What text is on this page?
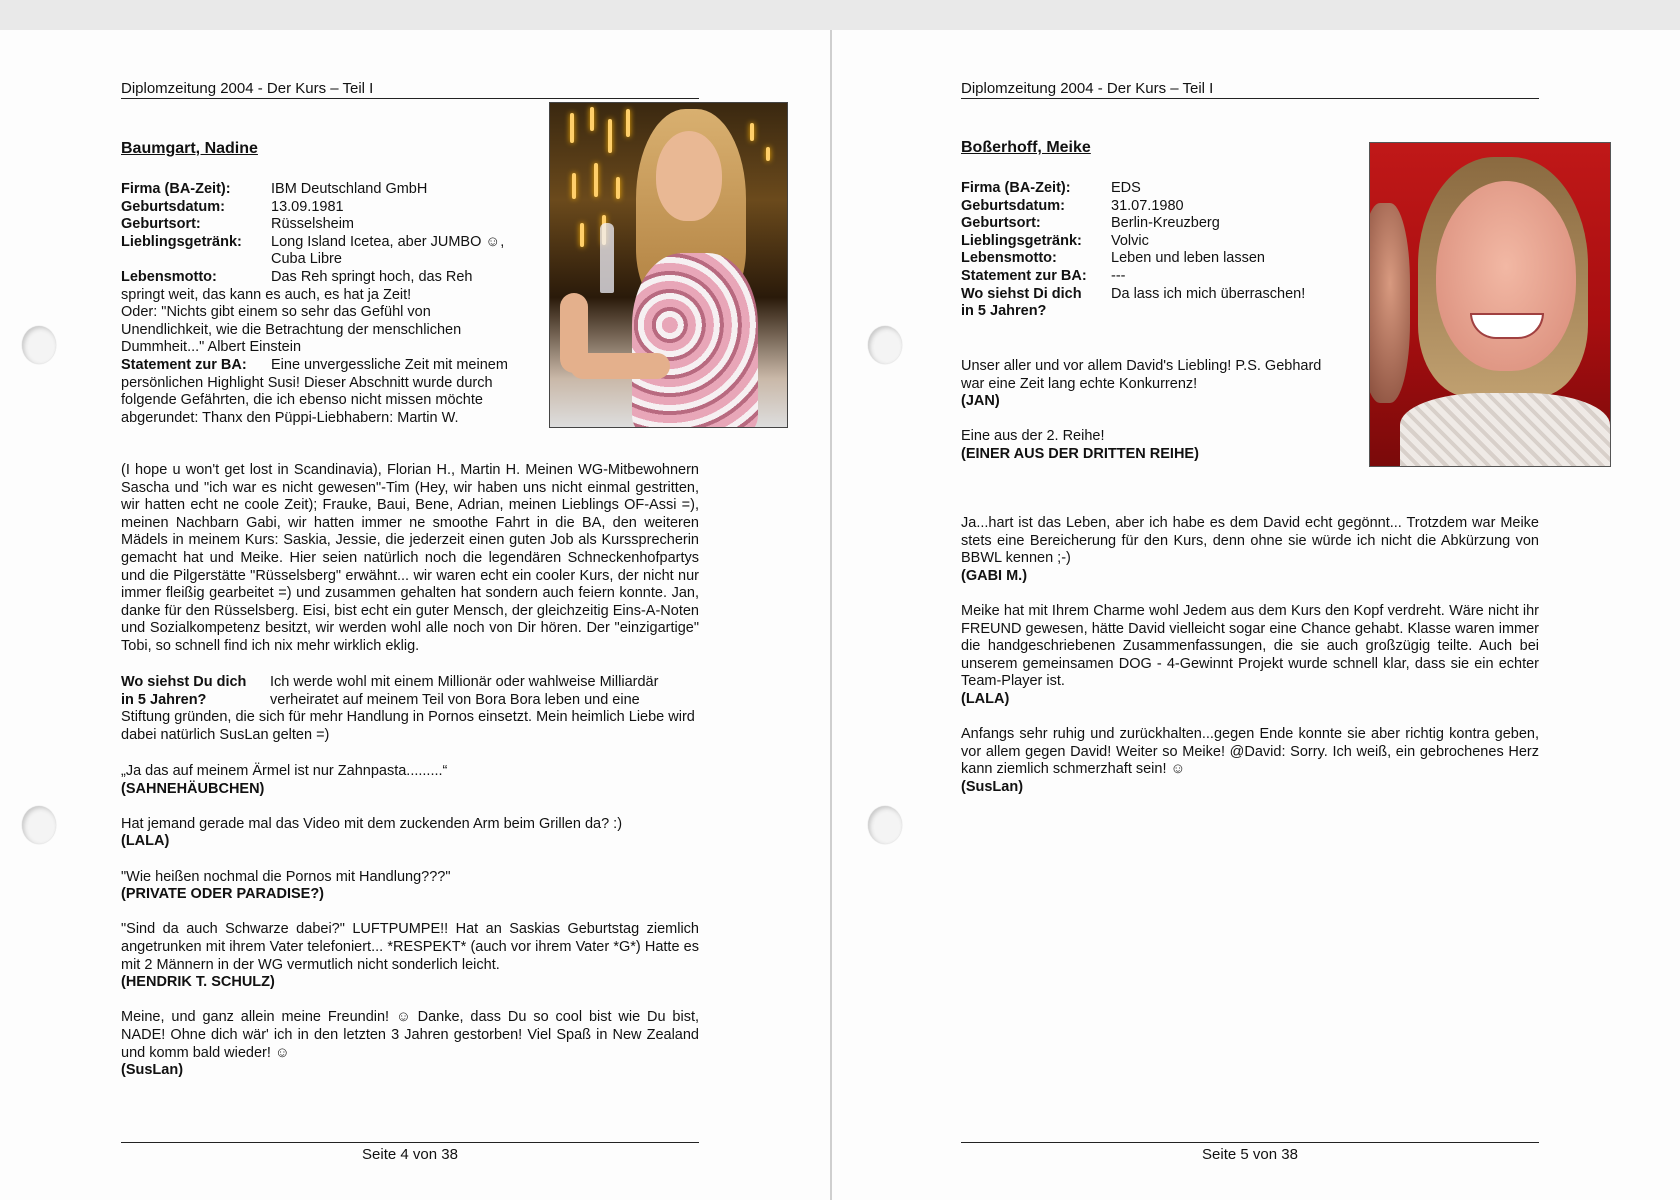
Diplomzeitung 2004 - Der Kurs – Teil I
Baumgart, Nadine
Firma (BA-Zeit):	IBM Deutschland GmbH
Geburtsdatum:	13.09.1981
Geburtsort:	Rüsselsheim
Lieblingsgetränk:	Long Island Icetea, aber JUMBO ☺,
Cuba Libre
Lebensmotto:	Das Reh springt hoch, das Reh
springt weit, das kann es auch, es hat ja Zeit!
Oder: "Nichts gibt einem so sehr das Gefühl von
Unendlichkeit, wie die Betrachtung der menschlichen
Dummheit..." Albert Einstein
Statement zur BA:	Eine unvergessliche Zeit mit meinem
persönlichen Highlight Susi! Dieser Abschnitt wurde durch
folgende Gefährten, die ich ebenso nicht missen möchte
abgerundet: Thanx den Püppi-Liebhabern: Martin W.

(I hope u won't get lost in Scandinavia), Florian H., Martin H. Meinen WG-Mitbewohnern Sascha und "ich war es nicht gewesen"-Tim (Hey, wir haben uns nicht einmal gestritten, wir hatten echt ne coole Zeit); Frauke, Baui, Bene, Adrian, meinen Lieblings OF-Assi =), meinen Nachbarn Gabi, wir hatten immer ne smoothe Fahrt in die BA, den weiteren Mädels in meinem Kurs: Saskia, Jessie, die jederzeit einen guten Job als Kurssprecherin gemacht hat und Meike. Hier seien natürlich noch die legendären Schneckenhofpartys und die Pilgerstätte "Rüsselsberg" erwähnt... wir waren echt ein cooler Kurs, der nicht nur immer fleißig gearbeitet =) und zusammen gehalten hat sondern auch feiern konnte. Jan, danke für den Rüsselsberg. Eisi, bist echt ein guter Mensch, der gleichzeitig Eins-A-Noten und Sozialkompetenz besitzt, wir werden wohl alle noch von Dir hören. Der "einzigartige" Tobi, so schnell find ich nix mehr wirklich eklig.

Wo siehst Du dich	Ich werde wohl mit einem Millionär oder wahlweise Milliardär
in 5 Jahren?	verheiratet auf meinem Teil von Bora Bora leben und eine

Stiftung gründen, die sich für mehr Handlung in Pornos einsetzt. Mein heimlich Liebe wird dabei natürlich SusLan gelten =)

„Ja das auf meinem Ärmel ist nur Zahnpasta.........“

(SAHNEHÄUBCHEN)

Hat jemand gerade mal das Video mit dem zuckenden Arm beim Grillen da? :)

(LALA)

"Wie heißen nochmal die Pornos mit Handlung???"

(PRIVATE ODER PARADISE?)

"Sind da auch Schwarze dabei?" LUFTPUMPE!! Hat an Saskias Geburtstag ziemlich angetrunken mit ihrem Vater telefoniert... *RESPEKT* (auch vor ihrem Vater *G*) Hatte es mit 2 Männern in der WG vermutlich nicht sonderlich leicht.

(HENDRIK T. SCHULZ)

Meine, und ganz allein meine Freundin! ☺ Danke, dass Du so cool bist wie Du bist, NADE! Ohne dich wär' ich in den letzten 3 Jahren gestorben! Viel Spaß in New Zealand und komm bald wieder! ☺

(SusLan)

Seite 4 von 38
Diplomzeitung 2004 - Der Kurs – Teil I
Boßerhoff, Meike
Firma (BA-Zeit):	EDS
Geburtsdatum:	31.07.1980
Geburtsort:	Berlin-Kreuzberg
Lieblingsgetränk:	Volvic
Lebensmotto:	Leben und leben lassen
Statement zur BA:	---
Wo siehst Di dich	Da lass ich mich überraschen!
in 5 Jahren?

Unser aller und vor allem David's Liebling! P.S. Gebhard war eine Zeit lang echte Konkurrenz!

(JAN)

Eine aus der 2. Reihe!

(EINER AUS DER DRITTEN REIHE)

Ja...hart ist das Leben, aber ich habe es dem David echt gegönnt... Trotzdem war Meike stets eine Bereicherung für den Kurs, denn ohne sie würde ich nicht die Abkürzung von BBWL kennen ;-)

(GABI M.)

Meike hat mit Ihrem Charme wohl Jedem aus dem Kurs den Kopf verdreht. Wäre nicht ihr FREUND gewesen, hätte David vielleicht sogar eine Chance gehabt. Klasse waren immer die handgeschriebenen Zusammenfassungen, die sie auch großzügig teilte. Auch bei unserem gemeinsamen DOG - 4-Gewinnt Projekt wurde schnell klar, dass sie ein echter Team-Player ist.

(LALA)

Anfangs sehr ruhig und zurückhalten...gegen Ende konnte sie aber richtig kontra geben, vor allem gegen David! Weiter so Meike! @David: Sorry. Ich weiß, ein gebrochenes Herz kann ziemlich schmerzhaft sein! ☺

(SusLan)

Seite 5 von 38
